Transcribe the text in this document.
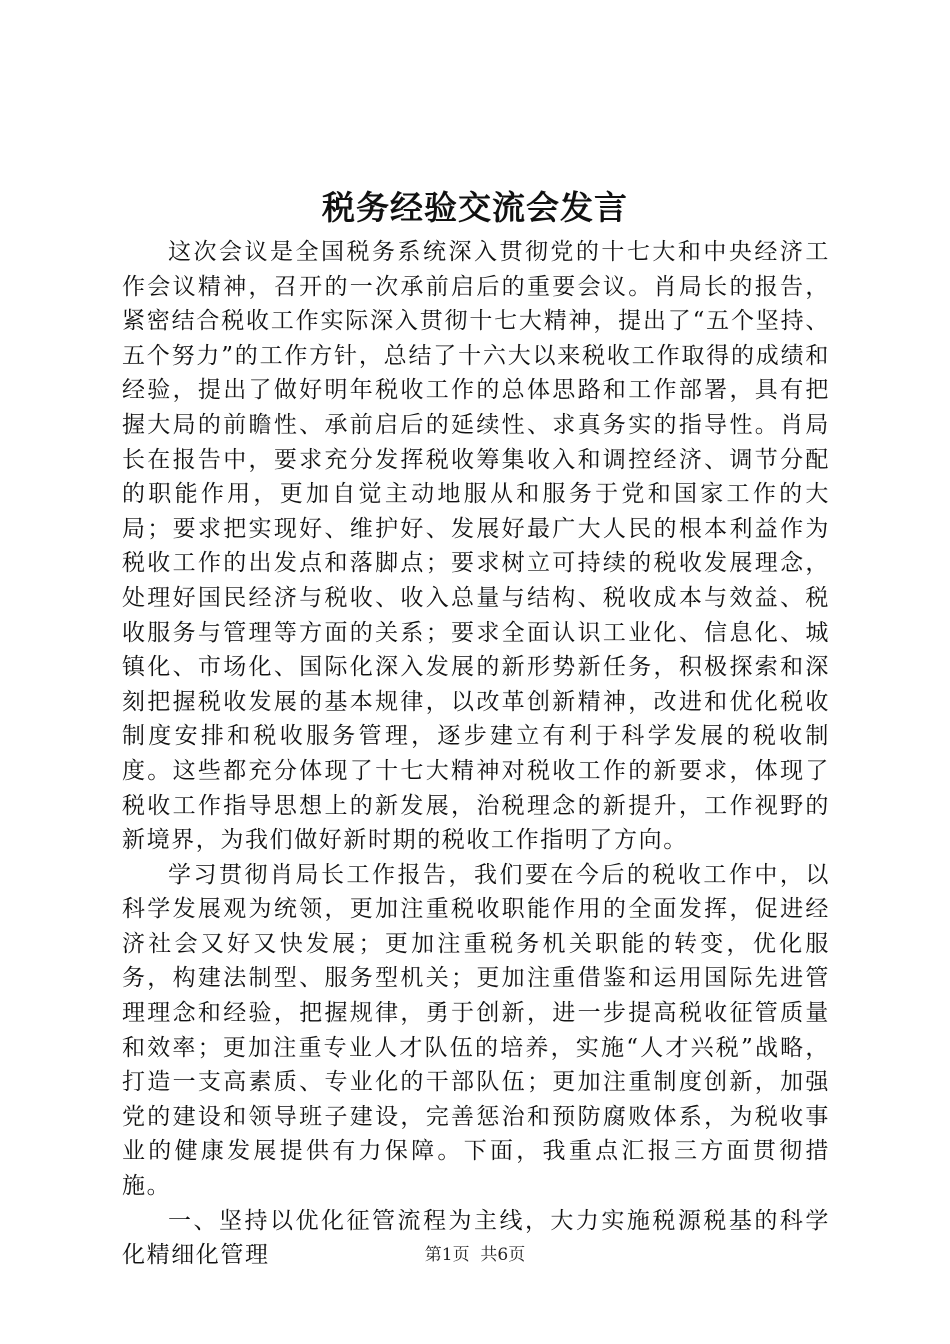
税务经验交流会发言

这次会议是全国税务系统深入贯彻党的十七大和中央经济工作会议精神，召开的一次承前启后的重要会议。肖局长的报告，紧密结合税收工作实际深入贯彻十七大精神，提出了“五个坚持、五个努力”的工作方针，总结了十六大以来税收工作取得的成绩和经验，提出了做好明年税收工作的总体思路和工作部署，具有把握大局的前瞻性、承前启后的延续性、求真务实的指导性。肖局长在报告中，要求充分发挥税收筹集收入和调控经济、调节分配的职能作用，更加自觉主动地服从和服务于党和国家工作的大局；要求把实现好、维护好、发展好最广大人民的根本利益作为税收工作的出发点和落脚点；要求树立可持续的税收发展理念，处理好国民经济与税收、收入总量与结构、税收成本与效益、税收服务与管理等方面的关系；要求全面认识工业化、信息化、城镇化、市场化、国际化深入发展的新形势新任务，积极探索和深刻把握税收发展的基本规律，以改革创新精神，改进和优化税收制度安排和税收服务管理，逐步建立有利于科学发展的税收制度。这些都充分体现了十七大精神对税收工作的新要求，体现了税收工作指导思想上的新发展，治税理念的新提升，工作视野的新境界，为我们做好新时期的税收工作指明了方向。

学习贯彻肖局长工作报告，我们要在今后的税收工作中，以科学发展观为统领，更加注重税收职能作用的全面发挥，促进经济社会又好又快发展；更加注重税务机关职能的转变，优化服务，构建法制型、服务型机关；更加注重借鉴和运用国际先进管理理念和经验，把握规律，勇于创新，进一步提高税收征管质量和效率；更加注重专业人才队伍的培养，实施“人才兴税”战略，打造一支高素质、专业化的干部队伍；更加注重制度创新，加强党的建设和领导班子建设，完善惩治和预防腐败体系，为税收事业的健康发展提供有力保障。下面，我重点汇报三方面贯彻措施。

一、坚持以优化征管流程为主线，大力实施税源税基的科学化精细化管理	第1页 共6页
